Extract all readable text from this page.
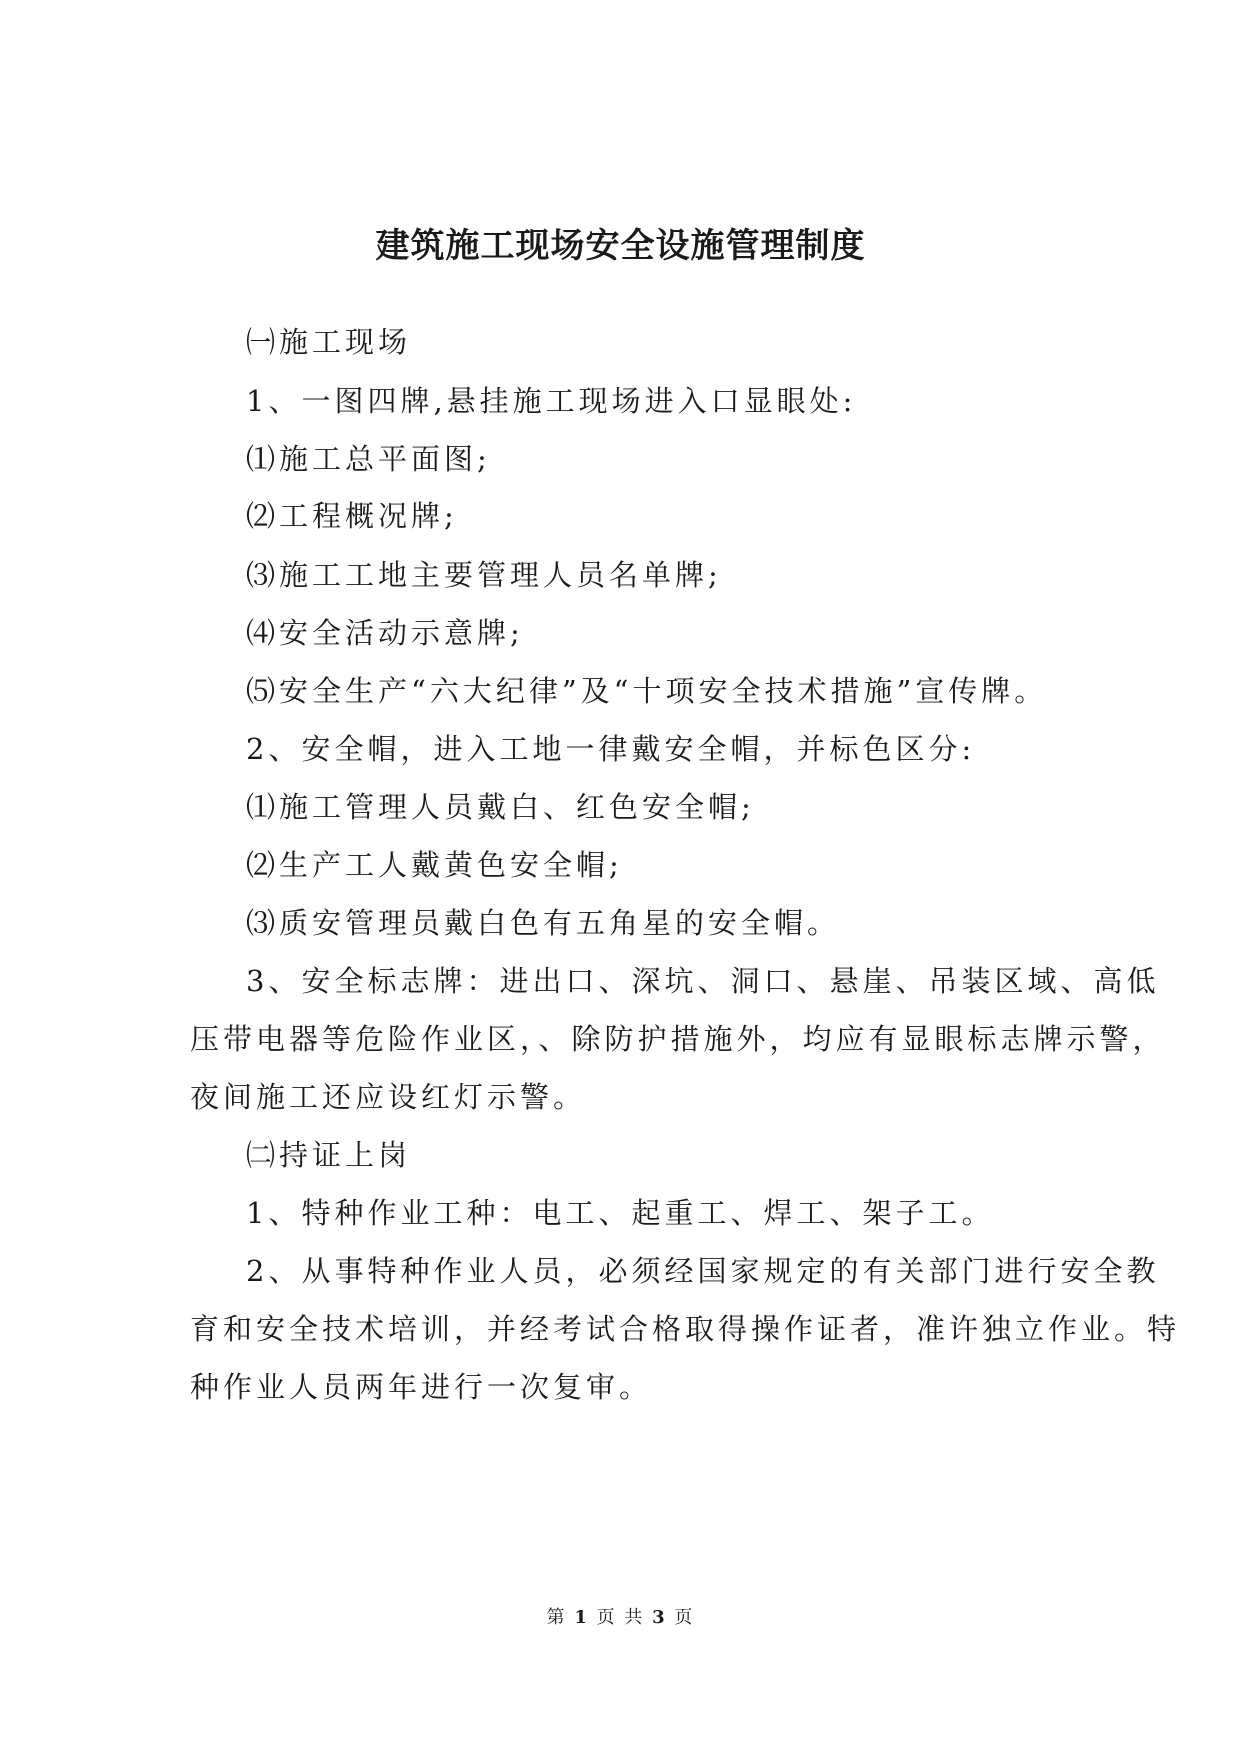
建筑施工现场安全设施管理制度
㈠施工现场
1、一图四牌,悬挂施工现场进入口显眼处:
⑴施工总平面图;
⑵工程概况牌;
⑶施工工地主要管理人员名单牌;
⑷安全活动示意牌;
⑸安全生产“六大纪律”及“十项安全技术措施”宣传牌。
2、安全帽，进入工地一律戴安全帽，并标色区分:
⑴施工管理人员戴白、红色安全帽;
⑵生产工人戴黄色安全帽;
⑶质安管理员戴白色有五角星的安全帽。
3、安全标志牌：进出口、深坑、洞口、悬崖、吊装区域、高低
压带电器等危险作业区，、除防护措施外，均应有显眼标志牌示警，
夜间施工还应设红灯示警。
㈡持证上岗
1、特种作业工种：电工、起重工、焊工、架子工。
2、从事特种作业人员，必须经国家规定的有关部门进行安全教
育和安全技术培训，并经考试合格取得操作证者，准许独立作业。特
种作业人员两年进行一次复审。
第 1 页 共 3 页
